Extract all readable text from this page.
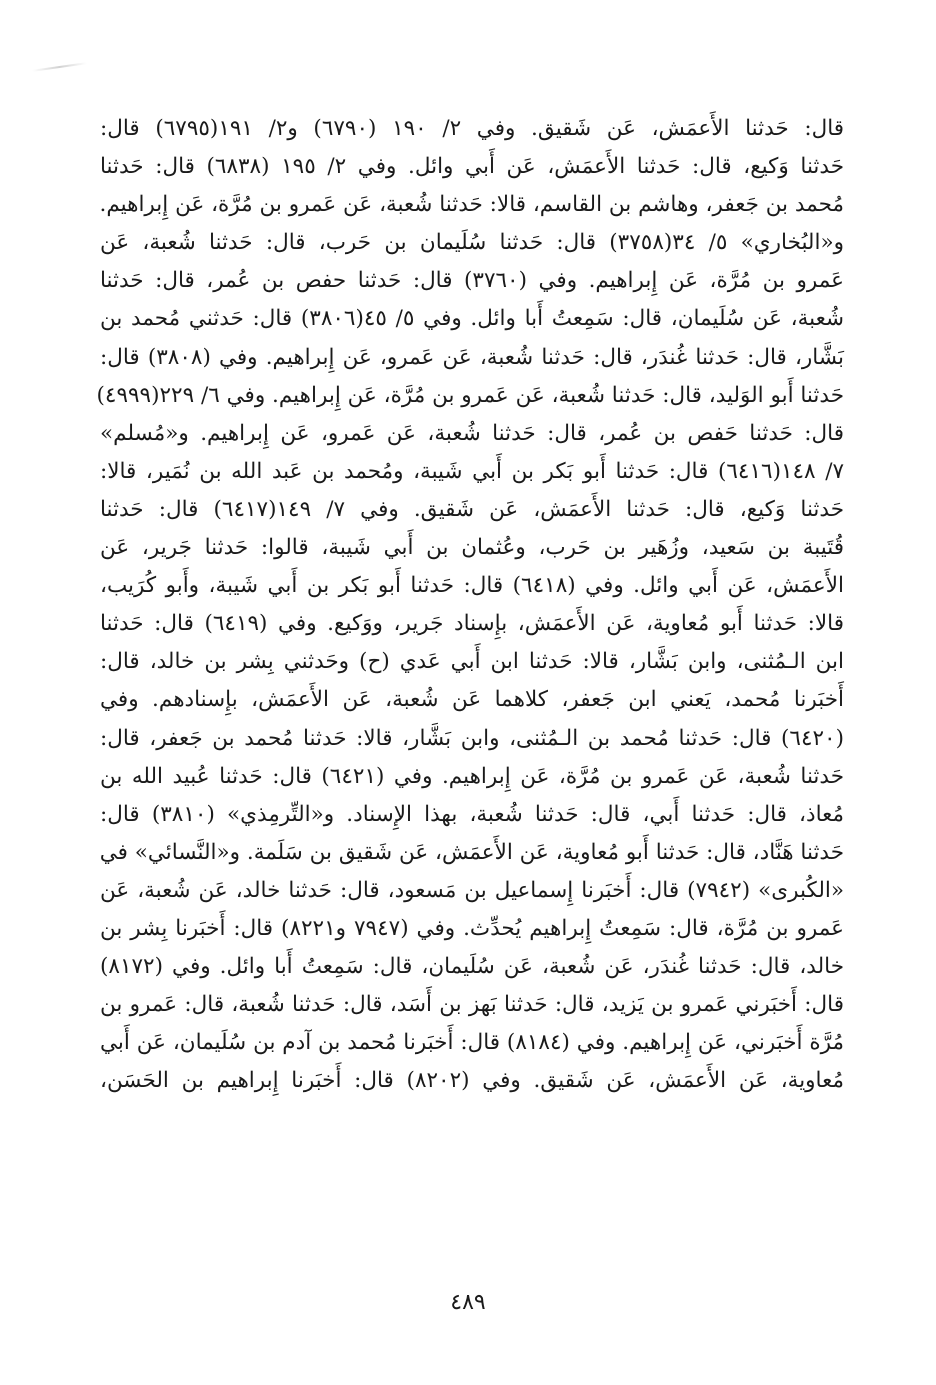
قال: حَدثنا الأَعمَش، عَن شَقيق. وفي ٢/ ١٩٠ (٦٧٩٠) و٢/ ١٩١(٦٧٩٥) قال:
حَدثنا وَكيع، قال: حَدثنا الأَعمَش، عَن أَبي وائل. وفي ٢/ ١٩٥ (٦٨٣٨) قال: حَدثنا
مُحمد بن جَعفر، وهاشم بن القاسم، قالا: حَدثنا شُعبة، عَن عَمرو بن مُرَّة، عَن إِبراهيم.
و«البُخاري» ٥/ ٣٤(٣٧٥٨) قال: حَدثنا سُلَيمان بن حَرب، قال: حَدثنا شُعبة، عَن
عَمرو بن مُرَّة، عَن إِبراهيم. وفي (٣٧٦٠) قال: حَدثنا حفص بن عُمر، قال: حَدثنا
شُعبة، عَن سُلَيمان، قال: سَمِعتُ أَبا وائل. وفي ٥/ ٤٥(٣٨٠٦) قال: حَدثني مُحمد بن
بَشَّار، قال: حَدثنا غُندَر، قال: حَدثنا شُعبة، عَن عَمرو، عَن إِبراهيم. وفي (٣٨٠٨) قال:
حَدثنا أَبو الوَليد، قال: حَدثنا شُعبة، عَن عَمرو بن مُرَّة، عَن إِبراهيم. وفي ٦/ ٢٢٩(٤٩٩٩)
قال: حَدثنا حَفص بن عُمر، قال: حَدثنا شُعبة، عَن عَمرو، عَن إِبراهيم. و«مُسلم»
٧/ ١٤٨(٦٤١٦) قال: حَدثنا أَبو بَكر بن أَبي شَيبة، ومُحمد بن عَبد الله بن نُمَير، قالا:
حَدثنا وَكيع، قال: حَدثنا الأَعمَش، عَن شَقيق. وفي ٧/ ١٤٩(٦٤١٧) قال: حَدثنا
قُتَيبة بن سَعيد، وزُهَير بن حَرب، وعُثمان بن أَبي شَيبة، قالوا: حَدثنا جَرير، عَن
الأَعمَش، عَن أَبي وائل. وفي (٦٤١٨) قال: حَدثنا أَبو بَكر بن أَبي شَيبة، وأَبو كُرَيب،
قالا: حَدثنا أَبو مُعاوية، عَن الأَعمَش، بإِسناد جَرير، ووَكيع. وفي (٦٤١٩) قال: حَدثنا
ابن الـمُثنى، وابن بَشَّار، قالا: حَدثنا ابن أَبي عَدي (ح) وحَدثني بِشر بن خالد، قال:
أَخبَرنا مُحمد، يَعني ابن جَعفر، كلاهما عَن شُعبة، عَن الأَعمَش، بإِسنادهم. وفي
(٦٤٢٠) قال: حَدثنا مُحمد بن الـمُثنى، وابن بَشَّار، قالا: حَدثنا مُحمد بن جَعفر، قال:
حَدثنا شُعبة، عَن عَمرو بن مُرَّة، عَن إِبراهيم. وفي (٦٤٢١) قال: حَدثنا عُبيد الله بن
مُعاذ، قال: حَدثنا أَبي، قال: حَدثنا شُعبة، بهذا الإِسناد. و«التِّرمِذي» (٣٨١٠) قال:
حَدثنا هَنَّاد، قال: حَدثنا أَبو مُعاوية، عَن الأَعمَش، عَن شَقيق بن سَلَمة. و«النَّسائي» في
«الكُبرى» (٧٩٤٢) قال: أَخبَرنا إِسماعيل بن مَسعود، قال: حَدثنا خالد، عَن شُعبة، عَن
عَمرو بن مُرَّة، قال: سَمِعتُ إِبراهيم يُحدِّث. وفي (٧٩٤٧ و٨٢٢١) قال: أَخبَرنا بِشر بن
خالد، قال: حَدثنا غُندَر، عَن شُعبة، عَن سُلَيمان، قال: سَمِعتُ أَبا وائل. وفي (٨١٧٢)
قال: أَخبَرني عَمرو بن يَزيد، قال: حَدثنا بَهز بن أَسَد، قال: حَدثنا شُعبة، قال: عَمرو بن
مُرَّة أَخبَرني، عَن إِبراهيم. وفي (٨١٨٤) قال: أَخبَرنا مُحمد بن آدم بن سُلَيمان، عَن أَبي
مُعاوية، عَن الأَعمَش، عَن شَقيق. وفي (٨٢٠٢) قال: أَخبَرنا إِبراهيم بن الحَسَن،
٤٨٩
